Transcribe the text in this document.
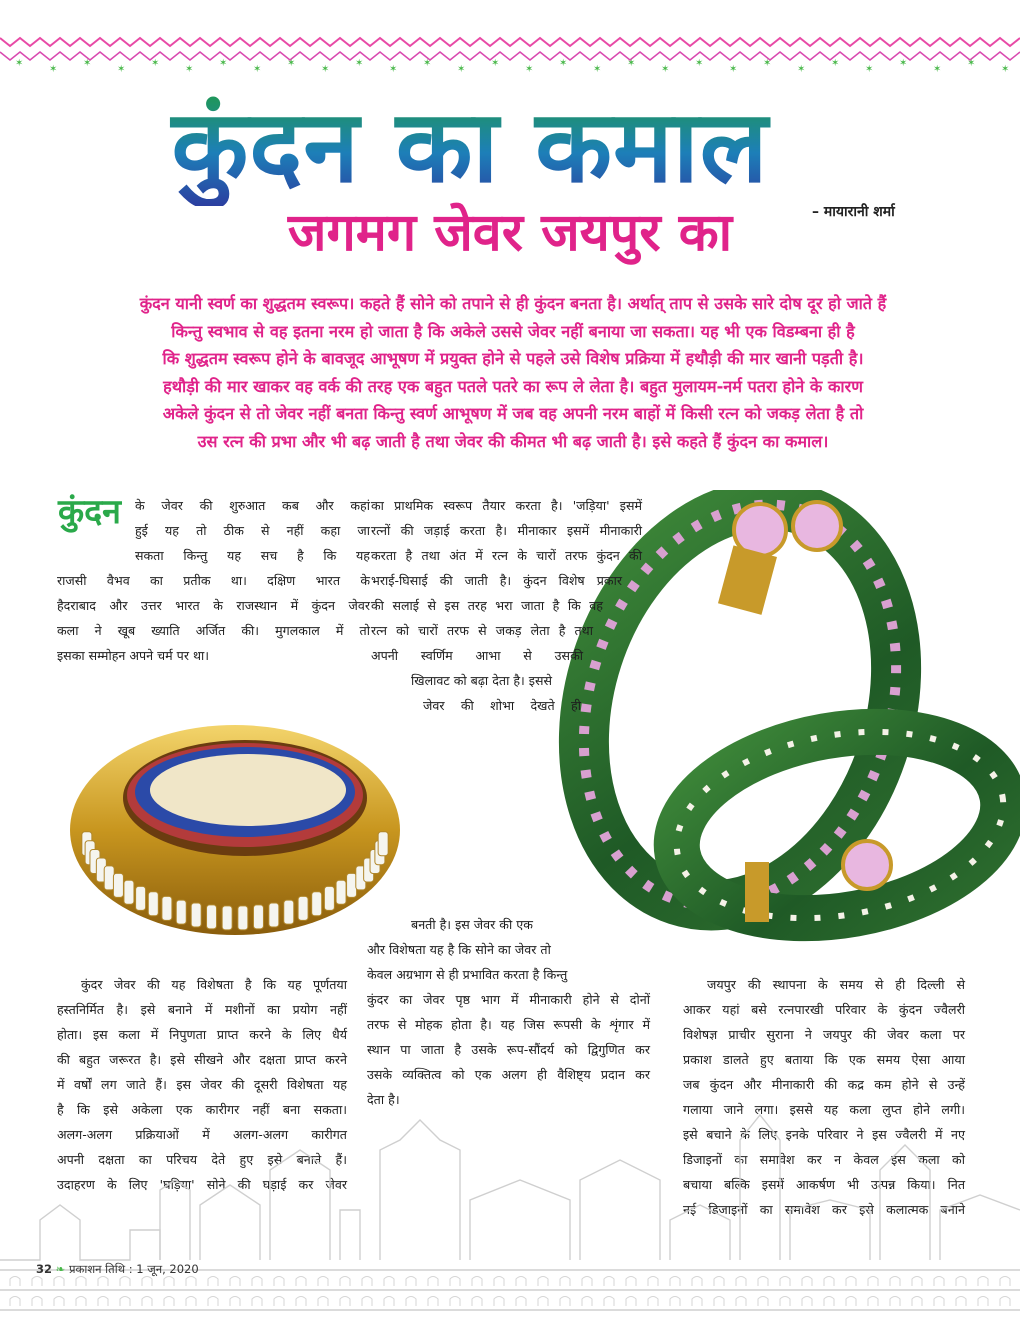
✶
✶
✶
✶
✶
✶
✶
✶
✶
✶
✶
✶
✶
✶
✶
✶
✶
✶
✶
✶
✶
✶
✶
✶
✶
✶
✶
✶
✶
✶
कुंदन का कमाल
जगमग जेवर जयपुर का	– मायारानी शर्मा

कुंदन यानी स्वर्ण का शुद्धतम स्वरूप। कहते हैं सोने को तपाने से ही कुंदन बनता है। अर्थात् ताप से उसके सारे दोष दूर हो जाते हैं

किन्तु स्वभाव से वह इतना नरम हो जाता है कि अकेले उससे जेवर नहीं बनाया जा सकता। यह भी एक विडम्बना ही है

कि शुद्धतम स्वरूप होने के बावजूद आभूषण में प्रयुक्त होने से पहले उसे विशेष प्रक्रिया में हथौड़ी की मार खानी पड़ती है।

हथौड़ी की मार खाकर वह वर्क की तरह एक बहुत पतले पतरे का रूप ले लेता है। बहुत मुलायम-नर्म पतरा होने के कारण

अकेले कुंदन से तो जेवर नहीं बनता किन्तु स्वर्ण आभूषण में जब वह अपनी नरम बाहों में किसी रत्न को जकड़ लेता है तो

उस रत्न की प्रभा और भी बढ़ जाती है तथा जेवर की कीमत भी बढ़ जाती है। इसे कहते हैं कुंदन का कमाल।

कुंदन के जेवर की शुरुआत कब और कहां

हुई यह तो ठीक से नहीं कहा जा

सकता किन्तु यह सच है कि यह

राजसी वैभव का प्रतीक था। दक्षिण भारत के

हैदराबाद और उत्तर भारत के राजस्थान में कुंदन जेवर

कला ने खूब ख्याति अर्जित की। मुगलकाल में तो

इसका सम्मोहन अपने चर्म पर था।

का प्राथमिक स्वरूप तैयार करता है। 'जड़िया' इसमें

रत्नों की जड़ाई करता है। मीनाकार इसमें मीनाकारी

करता है तथा अंत में रत्न के चारों तरफ कुंदन की

भराई-घिसाई की जाती है। कुंदन विशेष प्रकार

की सलाई से इस तरह भरा जाता है कि वह

रत्न को चारों तरफ से जकड़ लेता है तथा

अपनी स्वर्णिम आभा से उसकी

खिलावट को बढ़ा देता है। इससे

जेवर की शोभा देखते ही

बनती है। इस जेवर की एक

और विशेषता यह है कि सोने का जेवर तो

केवल अग्रभाग से ही प्रभावित करता है किन्तु

कुंदर का जेवर पृष्ठ भाग में मीनाकारी होने से दोनों

तरफ से मोहक होता है। यह जिस रूपसी के शृंगार में

स्थान पा जाता है उसके रूप-सौंदर्य को द्विगुणित कर

उसके व्यक्तित्व को एक अलग ही वैशिष्ट्य प्रदान कर

देता है।

कुंदर जेवर की यह विशेषता है कि यह पूर्णतया

हस्तनिर्मित है। इसे बनाने में मशीनों का प्रयोग नहीं

होता। इस कला में निपुणता प्राप्त करने के लिए धैर्य

की बहुत जरूरत है। इसे सीखने और दक्षता प्राप्त करने

में वर्षों लग जाते हैं। इस जेवर की दूसरी विशेषता यह

है कि इसे अकेला एक कारीगर नहीं बना सकता।

अलग-अलग प्रक्रियाओं में अलग-अलग कारीगत

अपनी दक्षता का परिचय देते हुए इसे बनाते हैं।

उदाहरण के लिए 'घड़िया' सोने की घड़ाई कर जेवर

जयपुर की स्थापना के समय से ही दिल्ली से

आकर यहां बसे रत्नपारखी परिवार के कुंदन ज्वैलरी

विशेषज्ञ प्राचीर सुराना ने जयपुर की जेवर कला पर

प्रकाश डालते हुए बताया कि एक समय ऐसा आया

जब कुंदन और मीनाकारी की कद्र कम होने से उन्हें

गलाया जाने लगा। इससे यह कला लुप्त होने लगी।

इसे बचाने के लिए इनके परिवार ने इस ज्वैलरी में नए

डिजाइनों का समावेश कर न केवल इस कला को

बचाया बल्कि इसमें आकर्षण भी उत्पन्न किया। नित

नई डिजाइनों का समावेश कर इसे कलात्मक बनाने

32 ❧ प्रकाशन तिथि : 1 जून, 2020
